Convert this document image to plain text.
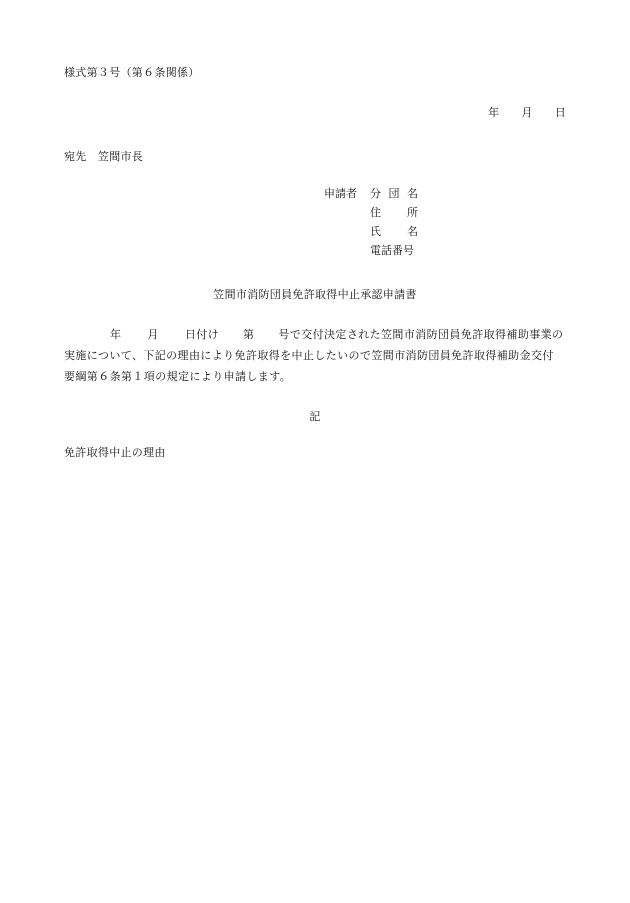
様式第３号（第６条関係）
年 月 日
宛先　笠間市長
申請者	分 団 名
住 所
氏 名
電話番号
笠間市消防団員免許取得中止承認申請書
年 月 日付け 第 号で交付決定された笠間市消防団員免許取得補助事業の
実施について、下記の理由により免許取得を中止したいので笠間市消防団員免許取得補助金交付
要綱第６条第１項の規定により申請します。
記
免許取得中止の理由
